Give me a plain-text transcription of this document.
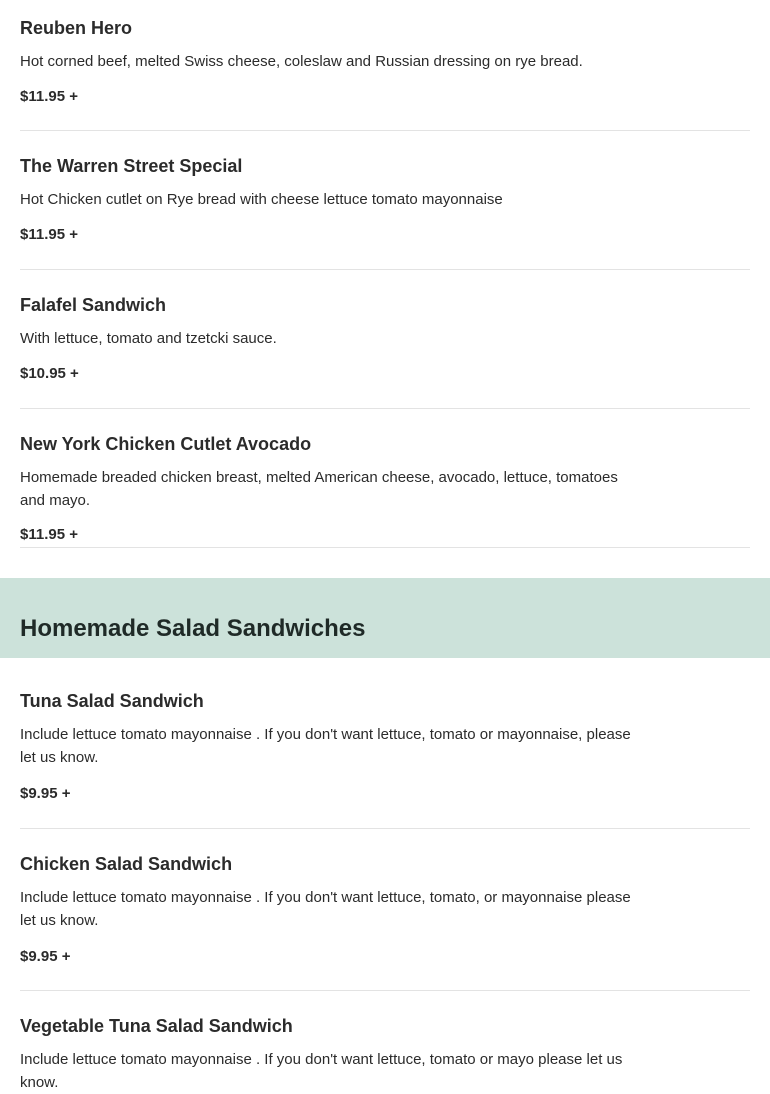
Reuben Hero

Hot corned beef, melted Swiss cheese, coleslaw and Russian dressing on rye bread.

$11.95 +

The Warren Street Special

Hot Chicken cutlet on Rye bread with cheese lettuce tomato mayonnaise

$11.95 +

Falafel Sandwich

With lettuce, tomato and tzetcki sauce.

$10.95 +

New York Chicken Cutlet Avocado

Homemade breaded chicken breast, melted American cheese, avocado, lettuce, tomatoes and mayo.

$11.95 +

Homemade Salad Sandwiches
Tuna Salad Sandwich

Include lettuce tomato mayonnaise . If you don't want lettuce, tomato or mayonnaise, please let us know.

$9.95 +

Chicken Salad Sandwich

Include lettuce tomato mayonnaise . If you don't want lettuce, tomato, or mayonnaise please let us know.

$9.95 +

Vegetable Tuna Salad Sandwich

Include lettuce tomato mayonnaise . If you don't want lettuce, tomato or mayo please let us know.
